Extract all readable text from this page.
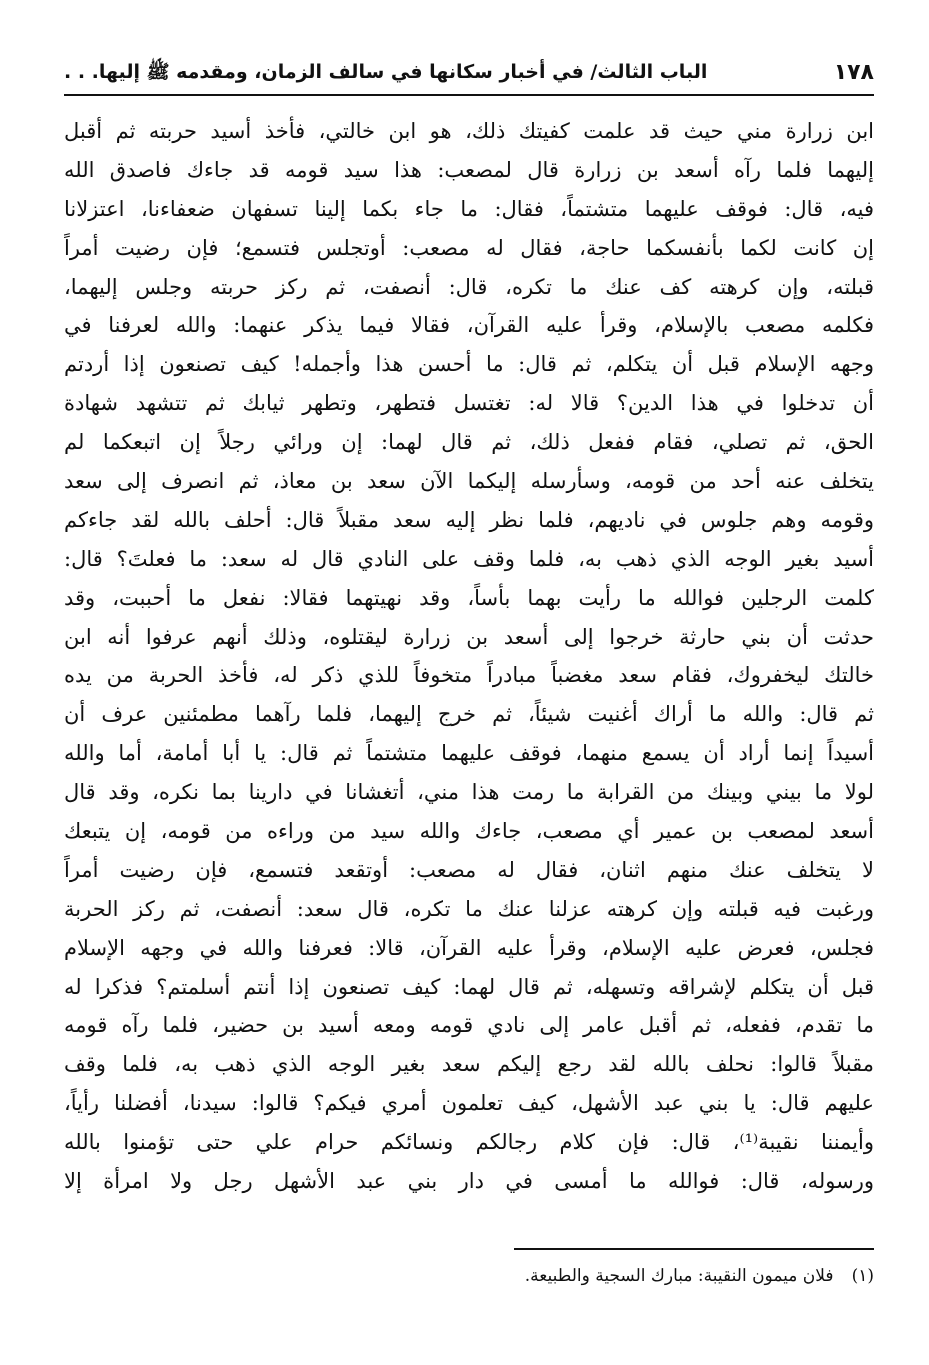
١٧٨
الباب الثالث/ في أخبار سكانها في سالف الزمان، ومقدمه ﷺ إليها. . .
ابن زرارة مني حيث قد علمت كفيتك ذلك، هو ابن خالتي، فأخذ أسيد حربته ثم أقبل
إليهما فلما رآه أسعد بن زرارة قال لمصعب: هذا سيد قومه قد جاءك فاصدق الله
فيه، قال: فوقف عليهما متشتماً، فقال: ما جاء بكما إلينا تسفهان ضعفاءنا، اعتزلانا
إن كانت لكما بأنفسكما حاجة، فقال له مصعب: أوتجلس فتسمع؛ فإن رضيت أمراً
قبلته، وإن كرهته كف عنك ما تكره، قال: أنصفت، ثم ركز حربته وجلس إليهما،
فكلمه مصعب بالإسلام، وقرأ عليه القرآن، فقالا فيما يذكر عنهما: والله لعرفنا في
وجهه الإسلام قبل أن يتكلم، ثم قال: ما أحسن هذا وأجمله! كيف تصنعون إذا أردتم
أن تدخلوا في هذا الدين؟ قالا له: تغتسل فتطهر، وتطهر ثيابك ثم تتشهد شهادة
الحق، ثم تصلي، فقام ففعل ذلك، ثم قال لهما: إن ورائي رجلاً إن اتبعكما لم
يتخلف عنه أحد من قومه، وسأرسله إليكما الآن سعد بن معاذ، ثم انصرف إلى سعد
وقومه وهم جلوس في ناديهم، فلما نظر إليه سعد مقبلاً قال: أحلف بالله لقد جاءكم
أسيد بغير الوجه الذي ذهب به، فلما وقف على النادي قال له سعد: ما فعلتَ؟ قال:
كلمت الرجلين فوالله ما رأيت بهما بأساً، وقد نهيتهما فقالا: نفعل ما أحببت، وقد
حدثت أن بني حارثة خرجوا إلى أسعد بن زرارة ليقتلوه، وذلك أنهم عرفوا أنه ابن
خالتك ليخفروك، فقام سعد مغضباً مبادراً متخوفاً للذي ذكر له، فأخذ الحربة من يده
ثم قال: والله ما أراك أغنيت شيئاً، ثم خرج إليهما، فلما رآهما مطمئنين عرف أن
أسيداً إنما أراد أن يسمع منهما، فوقف عليهما متشتماً ثم قال: يا أبا أمامة، أما والله
لولا ما بيني وبينك من القرابة ما رمت هذا مني، أتغشانا في دارينا بما نكره، وقد قال
أسعد لمصعب بن عمير أي مصعب، جاءك والله سيد من وراءه من قومه، إن يتبعك
لا يتخلف عنك منهم اثنان، فقال له مصعب: أوتقعد فتسمع، فإن رضيت أمراً
ورغبت فيه قبلته وإن كرهته عزلنا عنك ما تكره، قال سعد: أنصفت، ثم ركز الحربة
فجلس، فعرض عليه الإسلام، وقرأ عليه القرآن، قالا: فعرفنا والله في وجهه الإسلام
قبل أن يتكلم لإشراقه وتسهله، ثم قال لهما: كيف تصنعون إذا أنتم أسلمتم؟ فذكرا له
ما تقدم، ففعله، ثم أقبل عامر إلى نادي قومه ومعه أسيد بن حضير، فلما رآه قومه
مقبلاً قالوا: نحلف بالله لقد رجع إليكم سعد بغير الوجه الذي ذهب به، فلما وقف
عليهم قال: يا بني عبد الأشهل، كيف تعلمون أمري فيكم؟ قالوا: سيدنا، أفضلنا رأياً،
وأيمننا نقيبة⁽¹⁾، قال: فإن كلام رجالكم ونسائكم حرام علي حتى تؤمنوا بالله
ورسوله، قال: فوالله ما أمسى في دار بني عبد الأشهل رجل ولا امرأة إلا
(١)فلان ميمون النقيبة: مبارك السجية والطبيعة.
